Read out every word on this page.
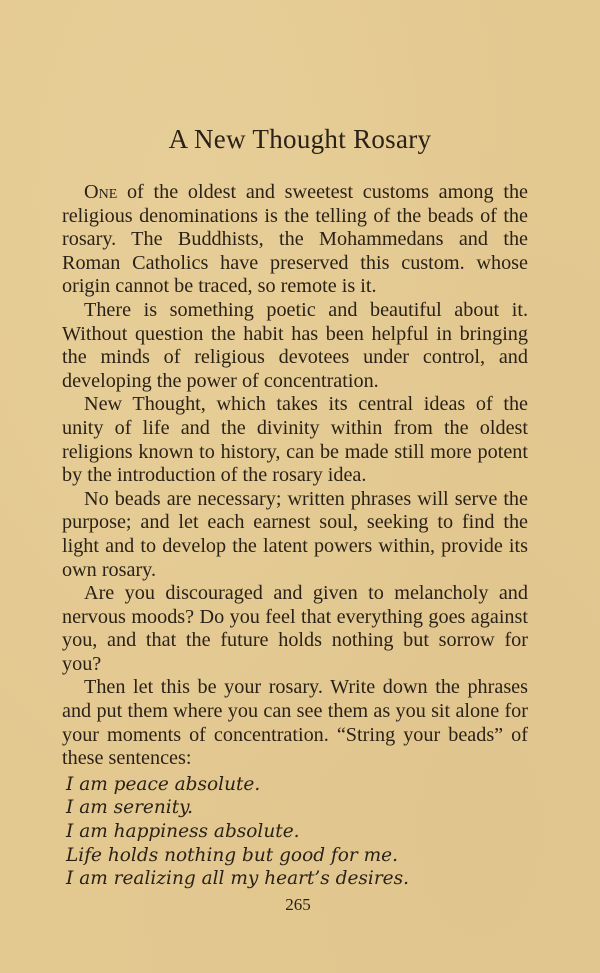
A New Thought Rosary

One of the oldest and sweetest customs among the religious denominations is the telling of the beads of the rosary. The Buddhists, the Mohammedans and the Roman Catholics have preserved this custom. whose origin cannot be traced, so remote is it.

There is something poetic and beautiful about it. Without question the habit has been helpful in bringing the minds of religious devotees under control, and developing the power of concentration.

New Thought, which takes its central ideas of the unity of life and the divinity within from the oldest religions known to history, can be made still more potent by the introduction of the rosary idea.

No beads are necessary; written phrases will serve the purpose; and let each earnest soul, seeking to find the light and to develop the latent powers within, provide its own rosary.

Are you discouraged and given to melancholy and nervous moods? Do you feel that everything goes against you, and that the future holds nothing but sorrow for you?

Then let this be your rosary. Write down the phrases and put them where you can see them as you sit alone for your moments of concentration. “String your beads” of these sentences:

I am peace absolute.
I am serenity.
I am happiness absolute.
Life holds nothing but good for me.
I am realizing all my heart’s desires.
265
